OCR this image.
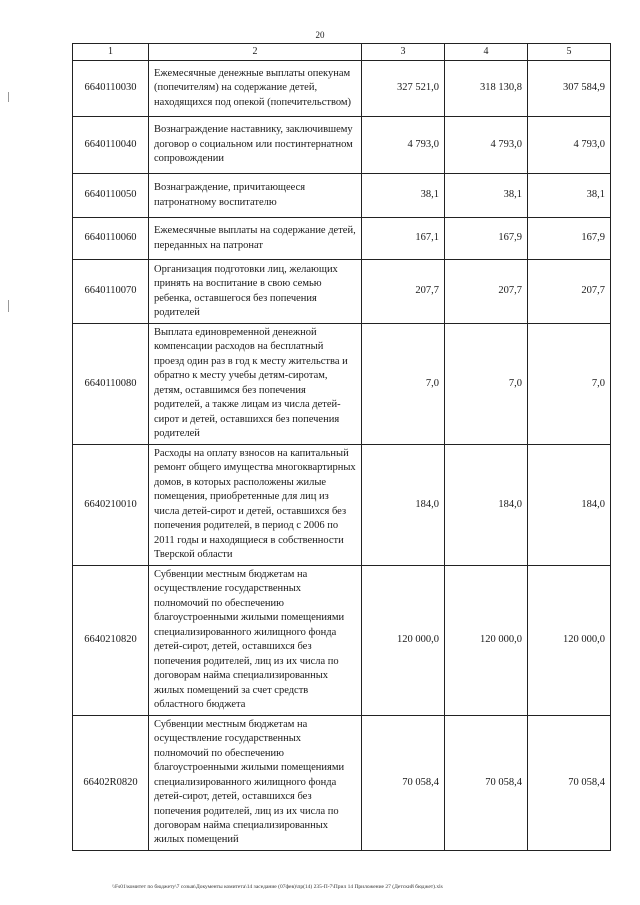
20
1	2	3	4	5
6640110030	Ежемесячные денежные выплаты опекунам (попечителям) на содержание детей, находящихся под опекой (попечительством)	327 521,0	318 130,8	307 584,9
6640110040	Вознаграждение наставнику, заключившему договор о социальном или постинтернатном сопровождении	4 793,0	4 793,0	4 793,0
6640110050	Вознаграждение, причитающееся патронатному воспитателю	38,1	38,1	38,1
6640110060	Ежемесячные выплаты на содержание детей, переданных на патронат	167,1	167,9	167,9
6640110070	Организация подготовки лиц, желающих принять на воспитание в свою семью ребенка, оставшегося без попечения родителей	207,7	207,7	207,7
6640110080	Выплата единовременной денежной компенсации расходов на бесплатный проезд один раз в год к месту жительства и обратно к месту учебы детям-сиротам, детям, оставшимся без попечения родителей, а также лицам из числа детей-сирот и детей, оставшихся без попечения родителей	7,0	7,0	7,0
6640210010	Расходы на оплату взносов на капитальный ремонт общего имущества многоквартирных домов, в которых расположены жилые помещения, приобретенные для лиц из числа детей-сирот и детей, оставшихся без попечения родителей, в период с 2006 по 2011 годы и находящиеся в собственности Тверской области	184,0	184,0	184,0
6640210820	Субвенции местным бюджетам на осуществление государственных полномочий по обеспечению благоустроенными жилыми помещениями специализированного жилищного фонда детей-сирот, детей, оставшихся без попечения родителей, лиц из их числа по договорам найма специализированных жилых помещений за счет средств областного бюджета	120 000,0	120 000,0	120 000,0
66402R0820	Субвенции местным бюджетам на осуществление государственных полномочий по обеспечению благоустроенными жилыми помещениями специализированного жилищного фонда детей-сирот, детей, оставшихся без попечения родителей, лиц из их числа по договорам найма специализированных жилых помещений	70 058,4	70 058,4	70 058,4
\\Fs01\комитет по бюджету\7 созыв\Документы комитета\14 заседание (07фев)\пр(14) 235-П-7\Прил 14 Приложение 27 (Детский бюджет).xls
